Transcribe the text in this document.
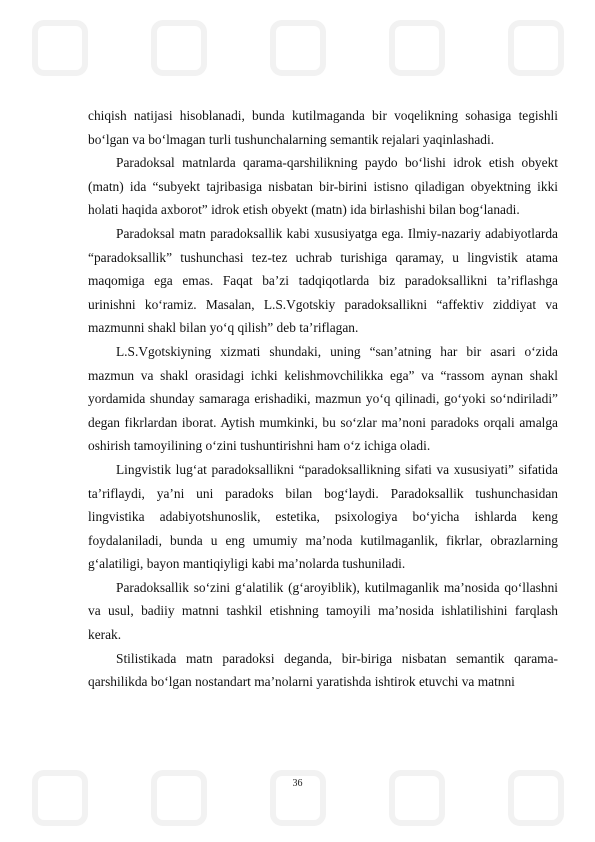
chiqish natijasi hisoblanadi, bunda kutilmaganda bir voqelikning sohasiga tegishli bo‘lgan va bo‘lmagan turli tushunchalarning semantik rejalari yaqinlashadi.

Paradoksal matnlarda qarama-qarshilikning paydo bo‘lishi idrok etish obyekt (matn) ida “subyekt tajribasiga nisbatan bir-birini istisno qiladigan obyektning ikki holati haqida axborot” idrok etish obyekt (matn) ida birlashishi bilan bog‘lanadi.

Paradoksal matn paradoksallik kabi xususiyatga ega. Ilmiy-nazariy adabiyotlarda “paradoksallik” tushunchasi tez-tez uchrab turishiga qaramay, u lingvistik atama maqomiga ega emas. Faqat ba’zi tadqiqotlarda biz paradoksallikni ta’riflashga urinishni ko‘ramiz. Masalan, L.S.Vgotskiy paradoksallikni “affektiv ziddiyat va mazmunni shakl bilan yo‘q qilish” deb ta’riflagan.

L.S.Vgotskiyning xizmati shundaki, uning “san’atning har bir asari o‘zida mazmun va shakl orasidagi ichki kelishmovchilikka ega” va “rassom aynan shakl yordamida shunday samaraga erishadiki, mazmun yo‘q qilinadi, go‘yoki so‘ndiriladi” degan fikrlardan iborat. Aytish mumkinki, bu so‘zlar ma’noni paradoks orqali amalga oshirish tamoyilining o‘zini tushuntirishni ham o‘z ichiga oladi.

Lingvistik lug‘at paradoksallikni “paradoksallikning sifati va xususiyati” sifatida ta’riflaydi, ya’ni uni paradoks bilan bog‘laydi. Paradoksallik tushunchasidan lingvistika adabiyotshunoslik, estetika, psixologiya bo‘yicha ishlarda keng foydalaniladi, bunda u eng umumiy ma’noda kutilmaganlik, fikrlar, obrazlarning g‘alatiligi, bayon mantiqiyligi kabi ma’nolarda tushuniladi.

Paradoksallik so‘zini g‘alatilik (g‘aroyiblik), kutilmaganlik ma’nosida qo‘llashni va usul, badiiy matnni tashkil etishning tamoyili ma’nosida ishlatilishini farqlash kerak.

Stilistikada matn paradoksi deganda, bir-biriga nisbatan semantik qarama-qarshilikda bo‘lgan nostandart ma’nolarni yaratishda ishtirok etuvchi va matnni

36
